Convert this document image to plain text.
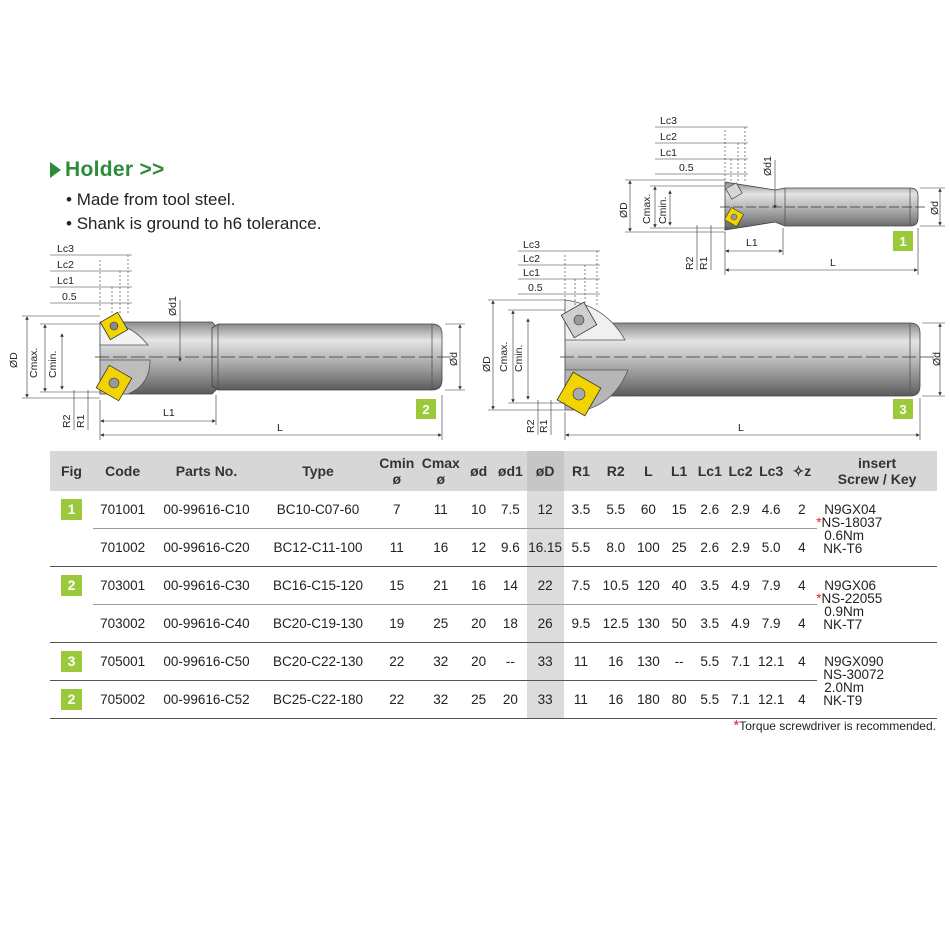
Holder >>
• Made from tool steel.
• Shank is ground to h6 tolerance.
Lc3
Lc2
Lc1
0.5
ØD Cmax. Cmin.
Ød1
Ød
R2 R1
L1
L
2
Lc3
Lc2
Lc1
0.5
ØD Cmax. Cmin.	Ød
R2 R1	L
3
Lc3
Lc2
Lc1
0.5
ØD Cmax. Cmin.
Ød1
Ød
R2 R1
L1
L
1
Fig	Code	Parts No.	Type	Cmin
ø	Cmax
ø	ød	ød1	øD	R1	R2	L	L1	Lc1	Lc2	Lc3	✧z	insert
Screw / Key
1	701001	00-99616-C10	BC10-C07-60	7	11	10	7.5	12	3.5	5.5	60	15	2.6	2.9	4.6	2	N9GX04
*NS-18037
0.6Nm
NK-T6

	701002	00-99616-C20	BC12-C11-100	11	16	12	9.6	16.15	5.5	8.0	100	25	2.6	2.9	5.0	4	
2	703001	00-99616-C30	BC16-C15-120	15	21	16	14	22	7.5	10.5	120	40	3.5	4.9	7.9	4	N9GX06
*NS-22055
0.9Nm
NK-T7

	703002	00-99616-C40	BC20-C19-130	19	25	20	18	26	9.5	12.5	130	50	3.5	4.9	7.9	4	
3	705001	00-99616-C50	BC20-C22-130	22	32	20	--	33	11	16	130	--	5.5	7.1	12.1	4	N9GX090
NS-30072
2.0Nm
NK-T9

2	705002	00-99616-C52	BC25-C22-180	22	32	25	20	33	11	16	180	80	5.5	7.1	12.1	4	
*Torque screwdriver is recommended.
